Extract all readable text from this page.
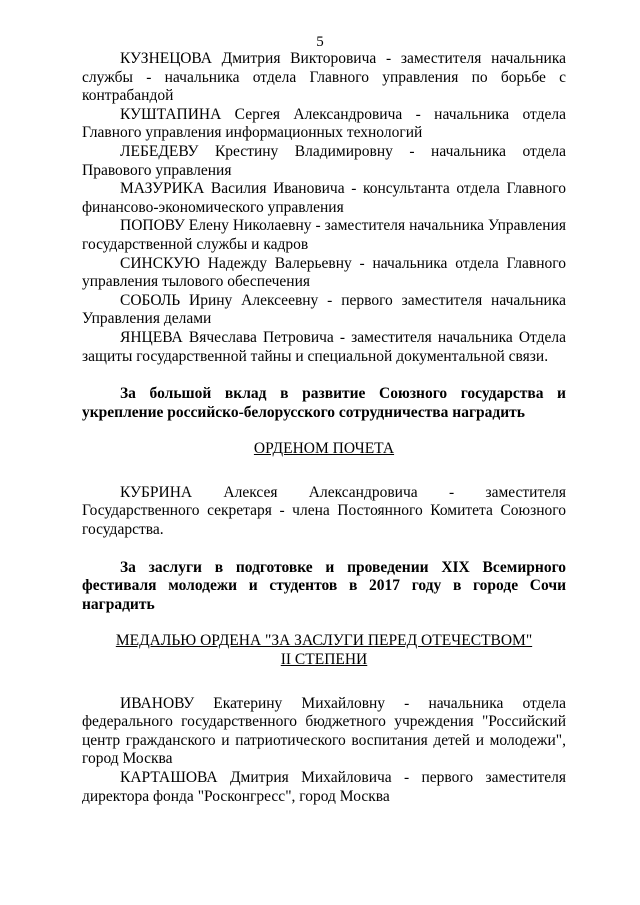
5

КУЗНЕЦОВА Дмитрия Викторовича - заместителя начальника службы - начальника отдела Главного управления по борьбе с контрабандой

КУШТАПИНА Сергея Александровича - начальника отдела Главного управления информационных технологий

ЛЕБЕДЕВУ Крестину Владимировну - начальника отдела Правового управления

МАЗУРИКА Василия Ивановича - консультанта отдела Главного финансово-экономического управления

ПОПОВУ Елену Николаевну - заместителя начальника Управления государственной службы и кадров

СИНСКУЮ Надежду Валерьевну - начальника отдела Главного управления тылового обеспечения

СОБОЛЬ Ирину Алексеевну - первого заместителя начальника Управления делами

ЯНЦЕВА Вячеслава Петровича - заместителя начальника Отдела защиты государственной тайны и специальной документальной связи.

За большой вклад в развитие Союзного государства и укрепление российско-белорусского сотрудничества наградить

ОРДЕНОМ ПОЧЕТА

КУБРИНА Алексея Александровича - заместителя Государственного секретаря - члена Постоянного Комитета Союзного государства.

За заслуги в подготовке и проведении XIX Всемирного фестиваля молодежи и студентов в 2017 году в городе Сочи наградить

МЕДАЛЬЮ ОРДЕНА "ЗА ЗАСЛУГИ ПЕРЕД ОТЕЧЕСТВОМ"

II СТЕПЕНИ

ИВАНОВУ Екатерину Михайловну - начальника отдела федерального государственного бюджетного учреждения "Российский центр гражданского и патриотического воспитания детей и молодежи", город Москва

КАРТАШОВА Дмитрия Михайловича - первого заместителя директора фонда "Росконгресс", город Москва
